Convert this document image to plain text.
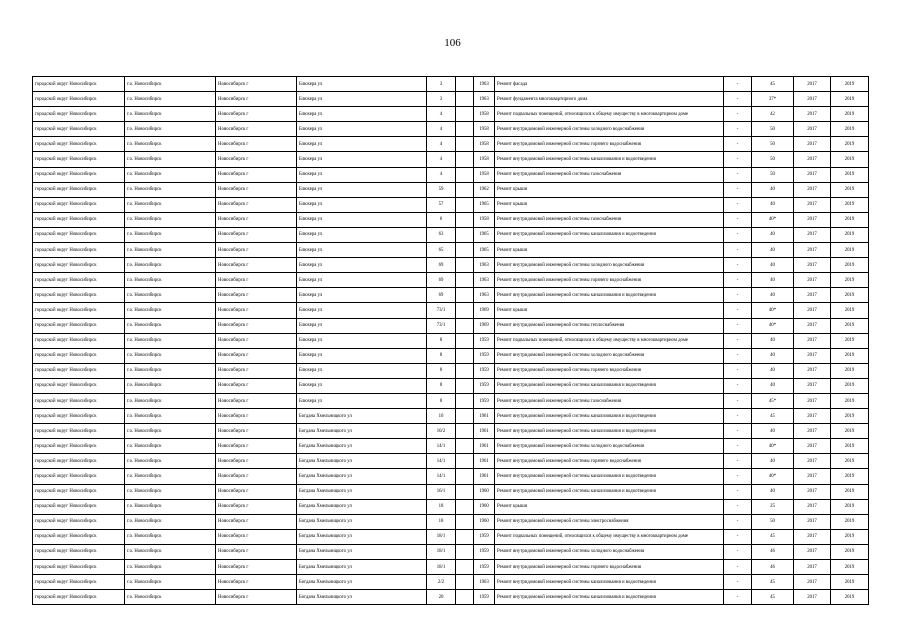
106
городской округ Новосибирск	г.о. Новосибирск	Новосибирск г	Блюхера ул	3		1963	Ремонт фасада	-	45	2017	2019
городской округ Новосибирск	г.о. Новосибирск	Новосибирск г	Блюхера ул	3		1963	Ремонт фундамента многоквартирного дома	-	37*	2017	2019
городской округ Новосибирск	г.о. Новосибирск	Новосибирск г	Блюхера ул	4		1958	Ремонт подвальных помещений, относящихся к общему имуществу в многоквартирном доме	-	42	2017	2019
городской округ Новосибирск	г.о. Новосибирск	Новосибирск г	Блюхера ул	4		1958	Ремонт внутридомовой инженерной системы холодного водоснабжения	-	50	2017	2019
городской округ Новосибирск	г.о. Новосибирск	Новосибирск г	Блюхера ул	4		1958	Ремонт внутридомовой инженерной системы горячего водоснабжения	-	50	2017	2019
городской округ Новосибирск	г.о. Новосибирск	Новосибирск г	Блюхера ул	4		1958	Ремонт внутридомовой инженерной системы канализования и водоотведения	-	50	2017	2019
городской округ Новосибирск	г.о. Новосибирск	Новосибирск г	Блюхера ул	4		1958	Ремонт внутридомовой инженерной системы газоснабжения	-	50	2017	2019
городской округ Новосибирск	г.о. Новосибирск	Новосибирск г	Блюхера ул	59		1962	Ремонт крыши	-	40	2017	2019
городской округ Новосибирск	г.о. Новосибирск	Новосибирск г	Блюхера ул	57		1965	Ремонт крыши	-	40	2017	2019
городской округ Новосибирск	г.о. Новосибирск	Новосибирск г	Блюхера ул	6		1958	Ремонт внутридомовой инженерной системы газоснабжения	-	40*	2017	2019
городской округ Новосибирск	г.о. Новосибирск	Новосибирск г	Блюхера ул	63		1965	Ремонт внутридомовой инженерной системы канализования и водоотведения	-	40	2017	2019
городской округ Новосибирск	г.о. Новосибирск	Новосибирск г	Блюхера ул	65		1965	Ремонт крыши	-	40	2017	2019
городской округ Новосибирск	г.о. Новосибирск	Новосибирск г	Блюхера ул	69		1963	Ремонт внутридомовой инженерной системы холодного водоснабжения	-	40	2017	2019
городской округ Новосибирск	г.о. Новосибирск	Новосибирск г	Блюхера ул	69		1963	Ремонт внутридомовой инженерной системы горячего водоснабжения	-	40	2017	2019
городской округ Новосибирск	г.о. Новосибирск	Новосибирск г	Блюхера ул	69		1963	Ремонт внутридомовой инженерной системы канализования и водоотведения	-	40	2017	2019
городской округ Новосибирск	г.о. Новосибирск	Новосибирск г	Блюхера ул	73/1		1969	Ремонт крыши	-	40*	2017	2019
городской округ Новосибирск	г.о. Новосибирск	Новосибирск г	Блюхера ул	73/1		1969	Ремонт внутридомовой инженерной системы теплоснабжения	-	40*	2017	2019
городской округ Новосибирск	г.о. Новосибирск	Новосибирск г	Блюхера ул	8		1959	Ремонт подвальных помещений, относящихся к общему имуществу в многоквартирном доме	-	40	2017	2019
городской округ Новосибирск	г.о. Новосибирск	Новосибирск г	Блюхера ул	8		1959	Ремонт внутридомовой инженерной системы холодного водоснабжения	-	40	2017	2019
городской округ Новосибирск	г.о. Новосибирск	Новосибирск г	Блюхера ул	8		1959	Ремонт внутридомовой инженерной системы горячего водоснабжения	-	40	2017	2019
городской округ Новосибирск	г.о. Новосибирск	Новосибирск г	Блюхера ул	8		1959	Ремонт внутридомовой инженерной системы канализования и водоотведения	-	40	2017	2019
городской округ Новосибирск	г.о. Новосибирск	Новосибирск г	Блюхера ул	8		1959	Ремонт внутридомовой инженерной системы газоснабжения	-	45*	2017	2019
городской округ Новосибирск	г.о. Новосибирск	Новосибирск г	Богдана Хмельницкого ул	10		1961	Ремонт внутридомовой инженерной системы канализования и водоотведения	-	45	2017	2019
городской округ Новосибирск	г.о. Новосибирск	Новосибирск г	Богдана Хмельницкого ул	10/2		1961	Ремонт внутридомовой инженерной системы канализования и водоотведения	-	40	2017	2019
городской округ Новосибирск	г.о. Новосибирск	Новосибирск г	Богдана Хмельницкого ул	14/1		1961	Ремонт внутридомовой инженерной системы холодного водоснабжения	-	40*	2017	2019
городской округ Новосибирск	г.о. Новосибирск	Новосибирск г	Богдана Хмельницкого ул	14/1		1961	Ремонт внутридомовой инженерной системы горячего водоснабжения	-	40	2017	2019
городской округ Новосибирск	г.о. Новосибирск	Новосибирск г	Богдана Хмельницкого ул	14/1		1961	Ремонт внутридомовой инженерной системы канализования и водоотведения	-	40*	2017	2019
городской округ Новосибирск	г.о. Новосибирск	Новосибирск г	Богдана Хмельницкого ул	16/1		1960	Ремонт внутридомовой инженерной системы канализования и водоотведения	-	40	2017	2019
городской округ Новосибирск	г.о. Новосибирск	Новосибирск г	Богдана Хмельницкого ул	18		1960	Ремонт крыши	-	25	2017	2019
городской округ Новосибирск	г.о. Новосибирск	Новосибирск г	Богдана Хмельницкого ул	18		1960	Ремонт внутридомовой инженерной системы электроснабжения	-	50	2017	2019
городской округ Новосибирск	г.о. Новосибирск	Новосибирск г	Богдана Хмельницкого ул	18/1		1959	Ремонт подвальных помещений, относящихся к общему имуществу в многоквартирном доме	-	45	2017	2019
городской округ Новосибирск	г.о. Новосибирск	Новосибирск г	Богдана Хмельницкого ул	18/1		1959	Ремонт внутридомовой инженерной системы холодного водоснабжения	-	46	2017	2019
городской округ Новосибирск	г.о. Новосибирск	Новосибирск г	Богдана Хмельницкого ул	18/1		1959	Ремонт внутридомовой инженерной системы горячего водоснабжения	-	46	2017	2019
городской округ Новосибирск	г.о. Новосибирск	Новосибирск г	Богдана Хмельницкого ул	2/2		1963	Ремонт внутридомовой инженерной системы канализования и водоотведения	-	45	2017	2019
городской округ Новосибирск	г.о. Новосибирск	Новосибирск г	Богдана Хмельницкого ул	20		1959	Ремонт внутридомовой инженерной системы канализования и водоотведения	-	45	2017	2019
